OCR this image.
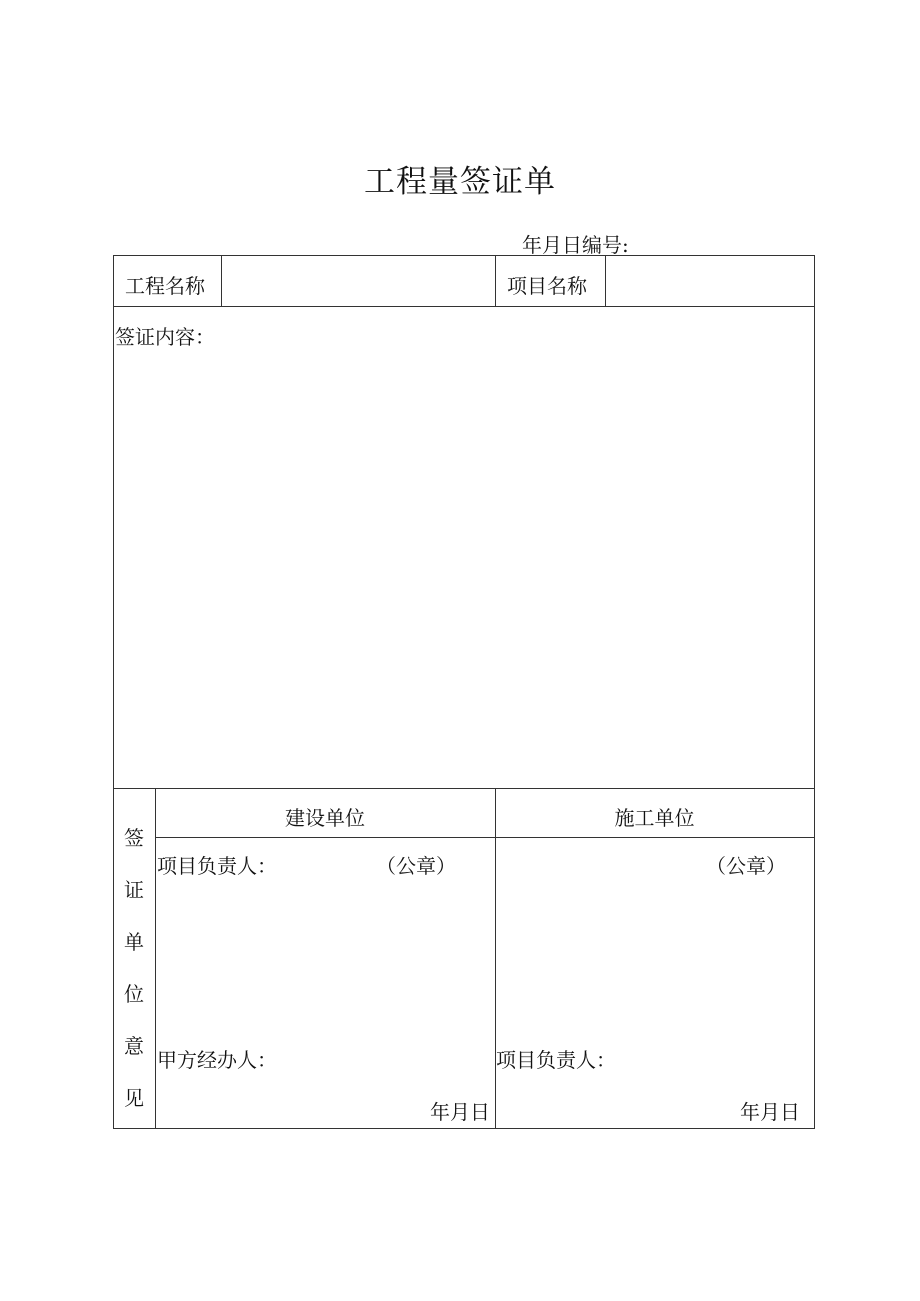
工程量签证单
年月日编号:
工程名称	项目名称
签证内容：
签
证
单
位
意
见
建设单位
项目负责人：	（公章）
甲方经办人：
年月日
施工单位
（公章）
项目负责人：
年月日
